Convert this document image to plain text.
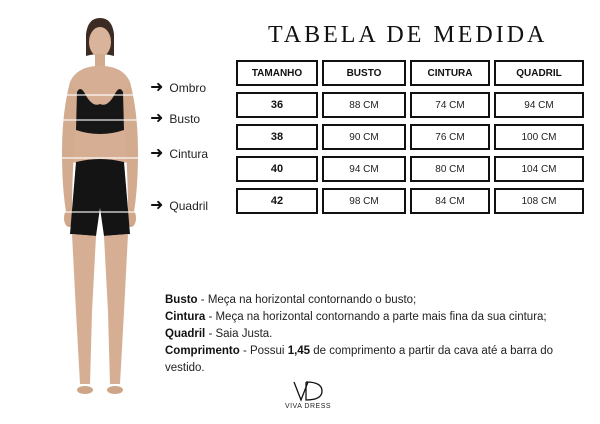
➜ Ombro
➜ Busto
➜ Cintura
➜ Quadril
TABELA DE MEDIDA
TAMANHO	BUSTO	CINTURA	QUADRIL
36	88 CM	74 CM	94 CM
38	90 CM	76 CM	100 CM
40	94 CM	80 CM	104 CM
42	98 CM	84 CM	108 CM
Busto - Meça na horizontal contornando o busto;
Cintura - Meça na horizontal contornando a parte mais fina da sua cintura;
Quadril - Saia Justa.
Comprimento - Possui 1,45 de comprimento a partir da cava até a barra do vestido.
VIVA DRESS
